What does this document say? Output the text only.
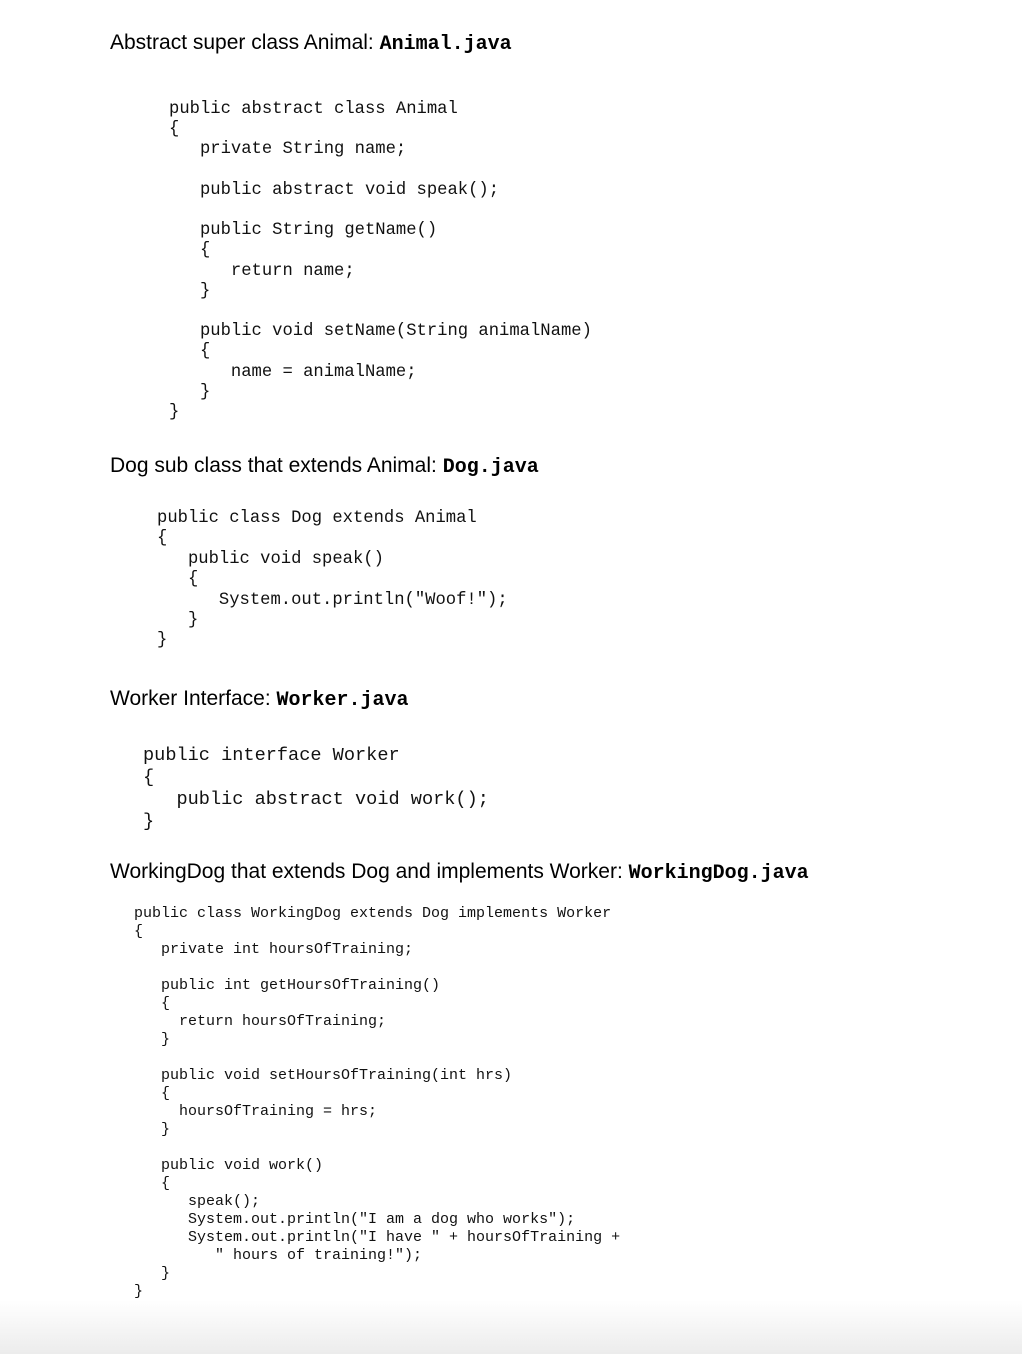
Abstract super class Animal: Animal.java
public abstract class Animal
{
private String name;

public abstract void speak();

public String getName()
{
return name;
}

public void setName(String animalName)
{
name = animalName;
}
}
Dog sub class that extends Animal: Dog.java
public class Dog extends Animal
{
public void speak()
{
System.out.println("Woof!");
}
}
Worker Interface: Worker.java
public interface Worker
{
public abstract void work();
}
WorkingDog that extends Dog and implements Worker: WorkingDog.java
public class WorkingDog extends Dog implements Worker
{
private int hoursOfTraining;

public int getHoursOfTraining()
{
return hoursOfTraining;
}

public void setHoursOfTraining(int hrs)
{
hoursOfTraining = hrs;
}

public void work()
{
speak();
System.out.println("I am a dog who works");
System.out.println("I have " + hoursOfTraining +
" hours of training!");
}
}
